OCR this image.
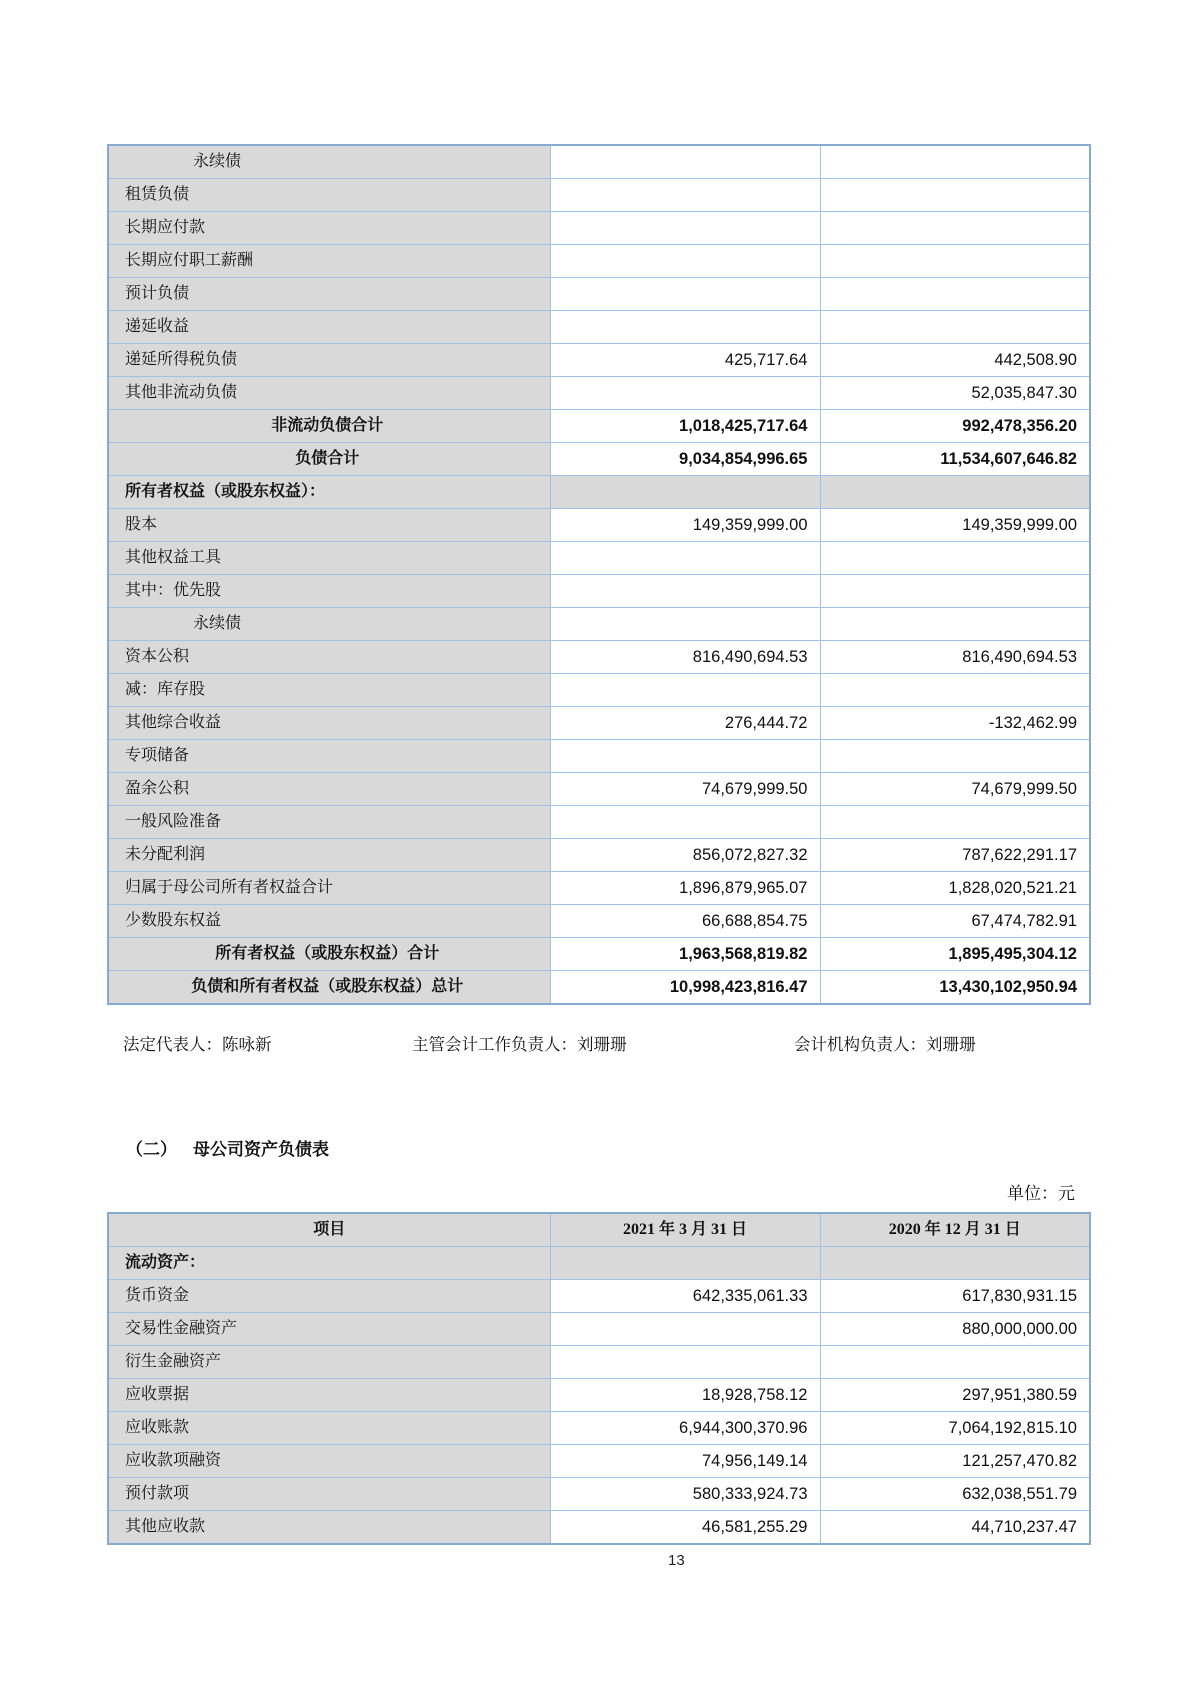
永续债		
租赁负债		
长期应付款		
长期应付职工薪酬		
预计负债		
递延收益		
递延所得税负债	425,717.64	442,508.90
其他非流动负债		52,035,847.30
非流动负债合计	1,018,425,717.64	992,478,356.20
负债合计	9,034,854,996.65	11,534,607,646.82
所有者权益（或股东权益）：		
股本	149,359,999.00	149,359,999.00
其他权益工具		
其中：优先股		
永续债		
资本公积	816,490,694.53	816,490,694.53
减：库存股		
其他综合收益	276,444.72	-132,462.99
专项储备		
盈余公积	74,679,999.50	74,679,999.50
一般风险准备		
未分配利润	856,072,827.32	787,622,291.17
归属于母公司所有者权益合计	1,896,879,965.07	1,828,020,521.21
少数股东权益	66,688,854.75	67,474,782.91
所有者权益（或股东权益）合计	1,963,568,819.82	1,895,495,304.12
负债和所有者权益（或股东权益）总计	10,998,423,816.47	13,430,102,950.94
法定代表人：陈咏新	主管会计工作负责人：刘珊珊	会计机构负责人：刘珊珊
（二） 母公司资产负债表
单位：元
项目	2021 年 3 月 31 日	2020 年 12 月 31 日
流动资产：		
货币资金	642,335,061.33	617,830,931.15
交易性金融资产		880,000,000.00
衍生金融资产		
应收票据	18,928,758.12	297,951,380.59
应收账款	6,944,300,370.96	7,064,192,815.10
应收款项融资	74,956,149.14	121,257,470.82
预付款项	580,333,924.73	632,038,551.79
其他应收款	46,581,255.29	44,710,237.47
13
